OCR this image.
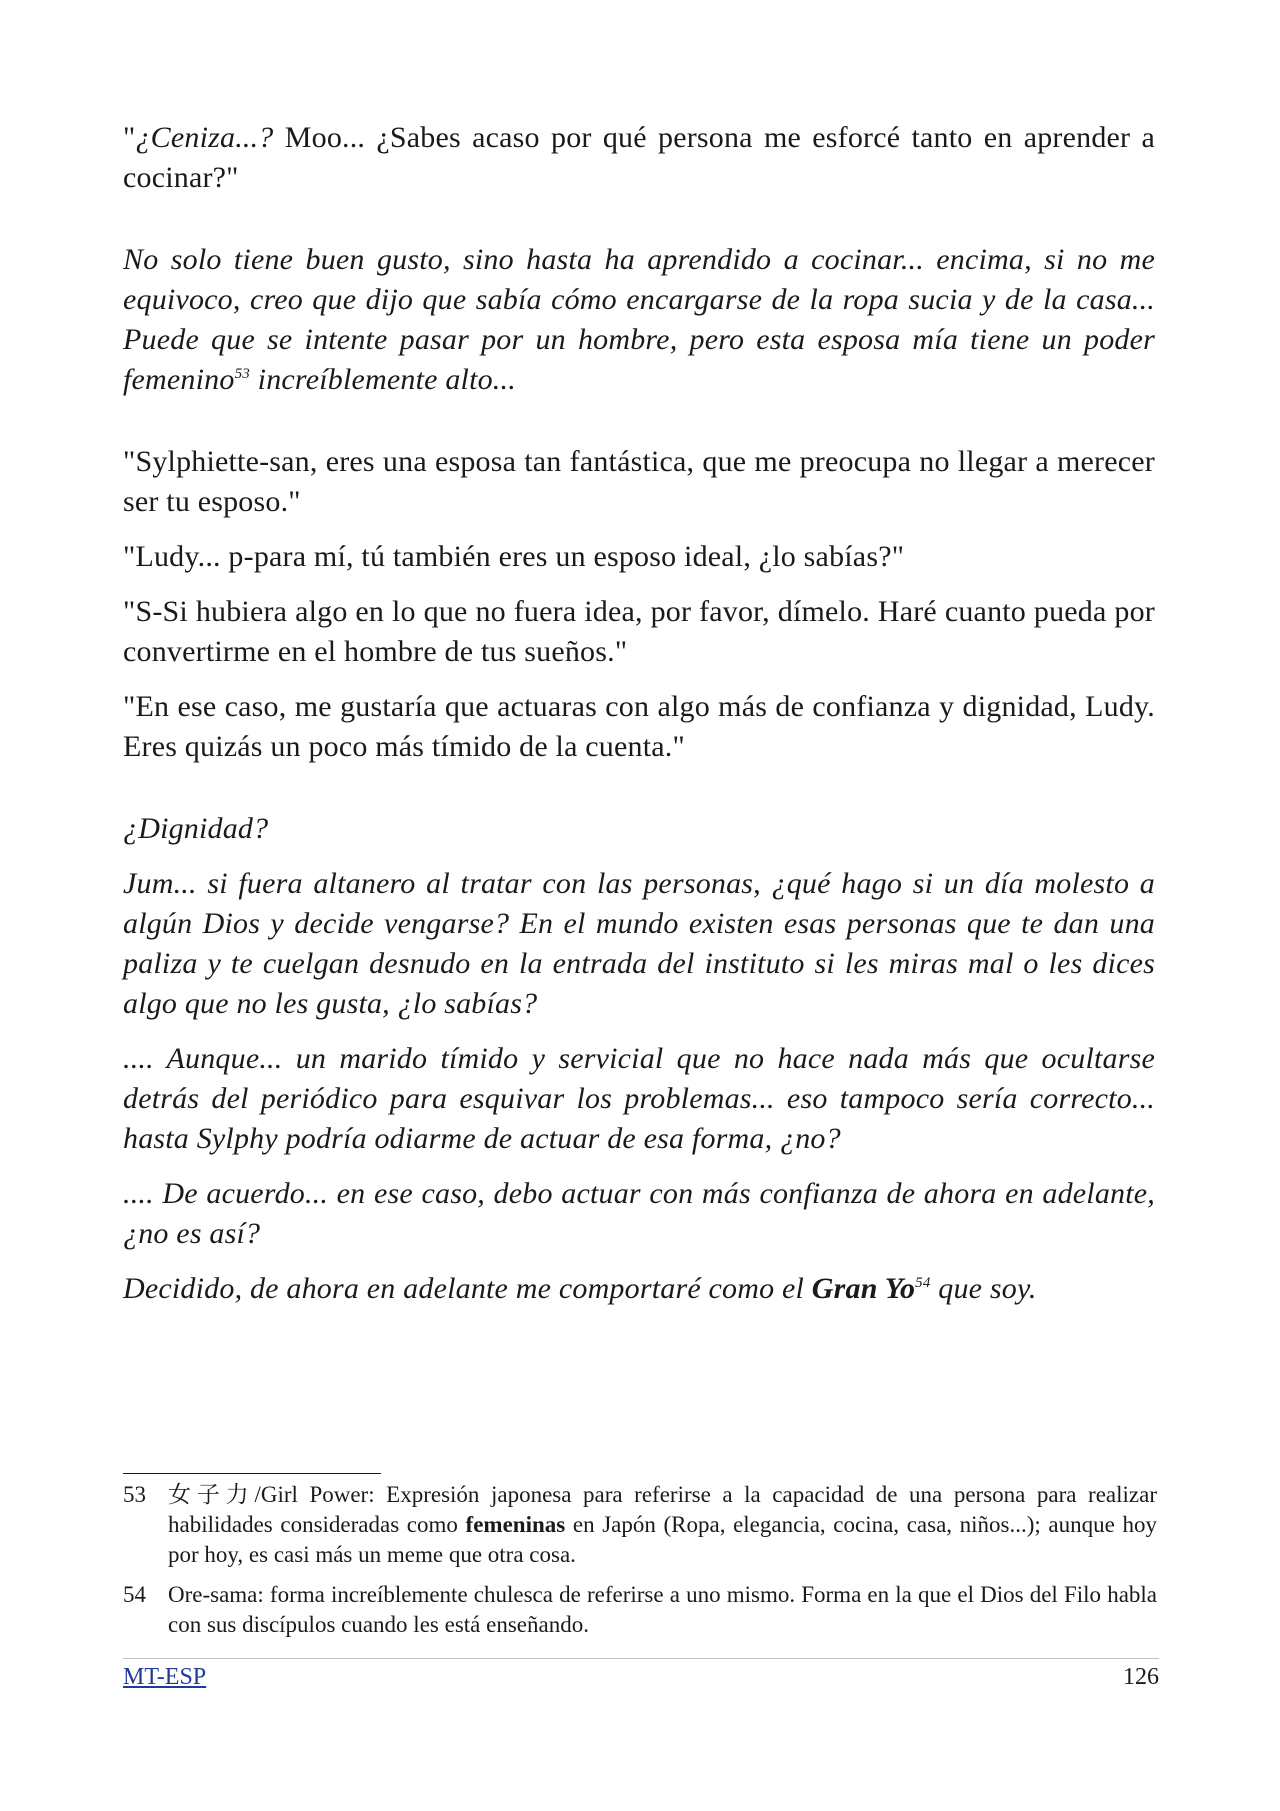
"¿Ceniza...? Moo... ¿Sabes acaso por qué persona me esforcé tanto en aprender a cocinar?"

No solo tiene buen gusto, sino hasta ha aprendido a cocinar... encima, si no me equivoco, creo que dijo que sabía cómo encargarse de la ropa sucia y de la casa... Puede que se intente pasar por un hombre, pero esta esposa mía tiene un poder femenino$^{53}$ increíblemente alto...

"Sylphiette-san, eres una esposa tan fantástica, que me preocupa no llegar a merecer ser tu esposo."

"Ludy... p-para mí, tú también eres un esposo ideal, ¿lo sabías?"

"S-Si hubiera algo en lo que no fuera idea, por favor, dímelo. Haré cuanto pueda por convertirme en el hombre de tus sueños."

"En ese caso, me gustaría que actuaras con algo más de confianza y dignidad, Ludy. Eres quizás un poco más tímido de la cuenta."

¿Dignidad?

Jum... si fuera altanero al tratar con las personas, ¿qué hago si un día molesto a algún Dios y decide vengarse? En el mundo existen esas personas que te dan una paliza y te cuelgan desnudo en la entrada del instituto si les miras mal o les dices algo que no les gusta, ¿lo sabías?

.... Aunque... un marido tímido y servicial que no hace nada más que ocultarse detrás del periódico para esquivar los problemas... eso tampoco sería correcto... hasta Sylphy podría odiarme de actuar de esa forma, ¿no?

.... De acuerdo... en ese caso, debo actuar con más confianza de ahora en adelante, ¿no es así?

Decidido, de ahora en adelante me comportaré como el Gran Yo$^{54}$ que soy.

53 女子力/Girl Power: Expresión japonesa para referirse a la capacidad de una persona para realizar habilidades consideradas como femeninas en Japón (Ropa, elegancia, cocina, casa, niños...); aunque hoy por hoy, es casi más un meme que otra cosa.

54 Ore-sama: forma increíblemente chulesca de referirse a uno mismo. Forma en la que el Dios del Filo habla con sus discípulos cuando les está enseñando.

MT-ESP	126
